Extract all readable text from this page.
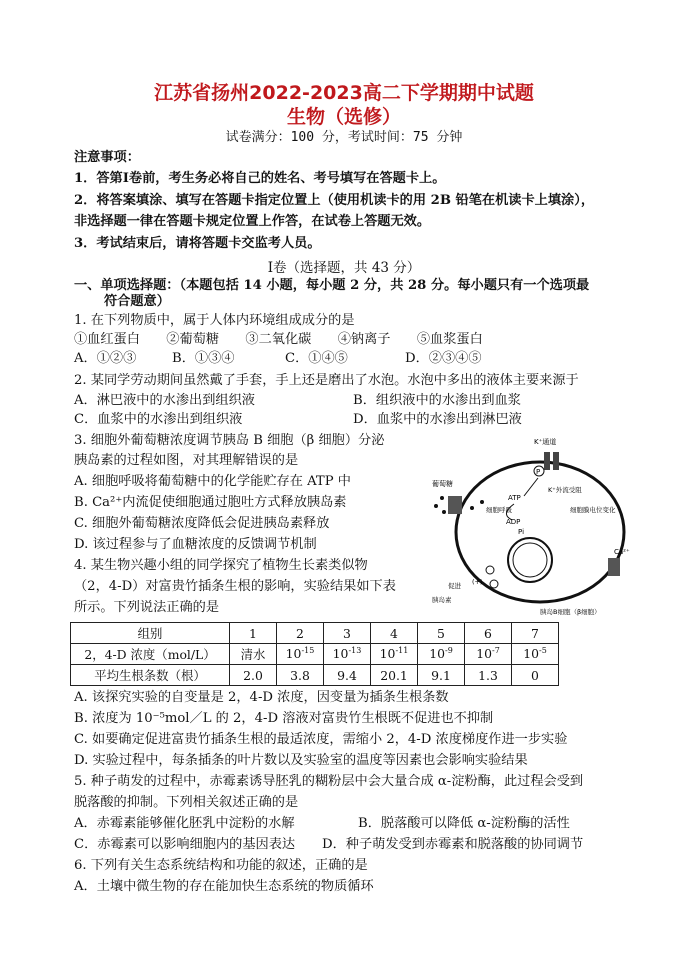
江苏省扬州2022-2023高二下学期期中试题
生物（选修）
试卷满分：100 分，考试时间：75 分钟
注意事项：
1．答第Ⅰ卷前，考生务必将自己的姓名、考号填写在答题卡上。
2．将答案填涂、填写在答题卡指定位置上（使用机读卡的用 2B 铅笔在机读卡上填涂），
非选择题一律在答题卡规定位置上作答，在试卷上答题无效。
3．考试结束后，请将答题卡交监考人员。
Ⅰ卷（选择题，共 43 分）
一、单项选择题：（本题包括 14 小题，每小题 2 分，共 28 分。每小题只有一个选项最
符合题意）
1. 在下列物质中，属于人体内环境组成成分的是
①血红蛋白　　②葡萄糖　　③二氧化碳　　④钠离子　　⑤血浆蛋白
A．①②③	B．①③④	C．①④⑤	D．②③④⑤
2. 某同学劳动期间虽然戴了手套，手上还是磨出了水泡。水泡中多出的液体主要来源于
A．淋巴液中的水渗出到组织液	B．组织液中的水渗出到血浆
C．血浆中的水渗出到组织液	D．血浆中的水渗出到淋巴液
3. 细胞外葡萄糖浓度调节胰岛 B 细胞（β 细胞）分泌
胰岛素的过程如图，对其理解错误的是
A. 细胞呼吸将葡萄糖中的化学能贮存在 ATP 中
B. Ca²⁺内流促使细胞通过胞吐方式释放胰岛素
C. 细胞外葡萄糖浓度降低会促进胰岛素释放
D. 该过程参与了血糖浓度的反馈调节机制
K⁺通道
P
葡萄糖
细胞呼吸
ATP
ADP
Pi
K⁺外流受阻
细胞膜电位变化
Ca²⁺
促进 (+)
胰岛素
胰岛B细胞（β细胞）
4. 某生物兴趣小组的同学探究了植物生长素类似物
（2，4-D）对富贵竹插条生根的影响，实验结果如下表
所示。下列说法正确的是
组别	1	2	3	4	5	6	7
2，4-D 浓度（mol/L）	清水	$10^{-15}$	$10^{-13}$	$10^{-11}$	$10^{-9}$	$10^{-7}$	$10^{-5}$
平均生根条数（根）	2.0	3.8	9.4	20.1	9.1	1.3	0
A. 该探究实验的自变量是 2，4-D 浓度，因变量为插条生根条数
B. 浓度为 10⁻⁵mol／L 的 2，4-D 溶液对富贵竹生根既不促进也不抑制
C. 如要确定促进富贵竹插条生根的最适浓度，需缩小 2，4-D 浓度梯度作进一步实验
D. 实验过程中，每条插条的叶片数以及实验室的温度等因素也会影响实验结果
5. 种子萌发的过程中，赤霉素诱导胚乳的糊粉层中会大量合成 α-淀粉酶，此过程会受到
脱落酸的抑制。下列相关叙述正确的是
A．赤霉素能够催化胚乳中淀粉的水解	B．脱落酸可以降低 α-淀粉酶的活性
C．赤霉素可以影响细胞内的基因表达 D．种子萌发受到赤霉素和脱落酸的协同调节
6. 下列有关生态系统结构和功能的叙述，正确的是
A．土壤中微生物的存在能加快生态系统的物质循环
